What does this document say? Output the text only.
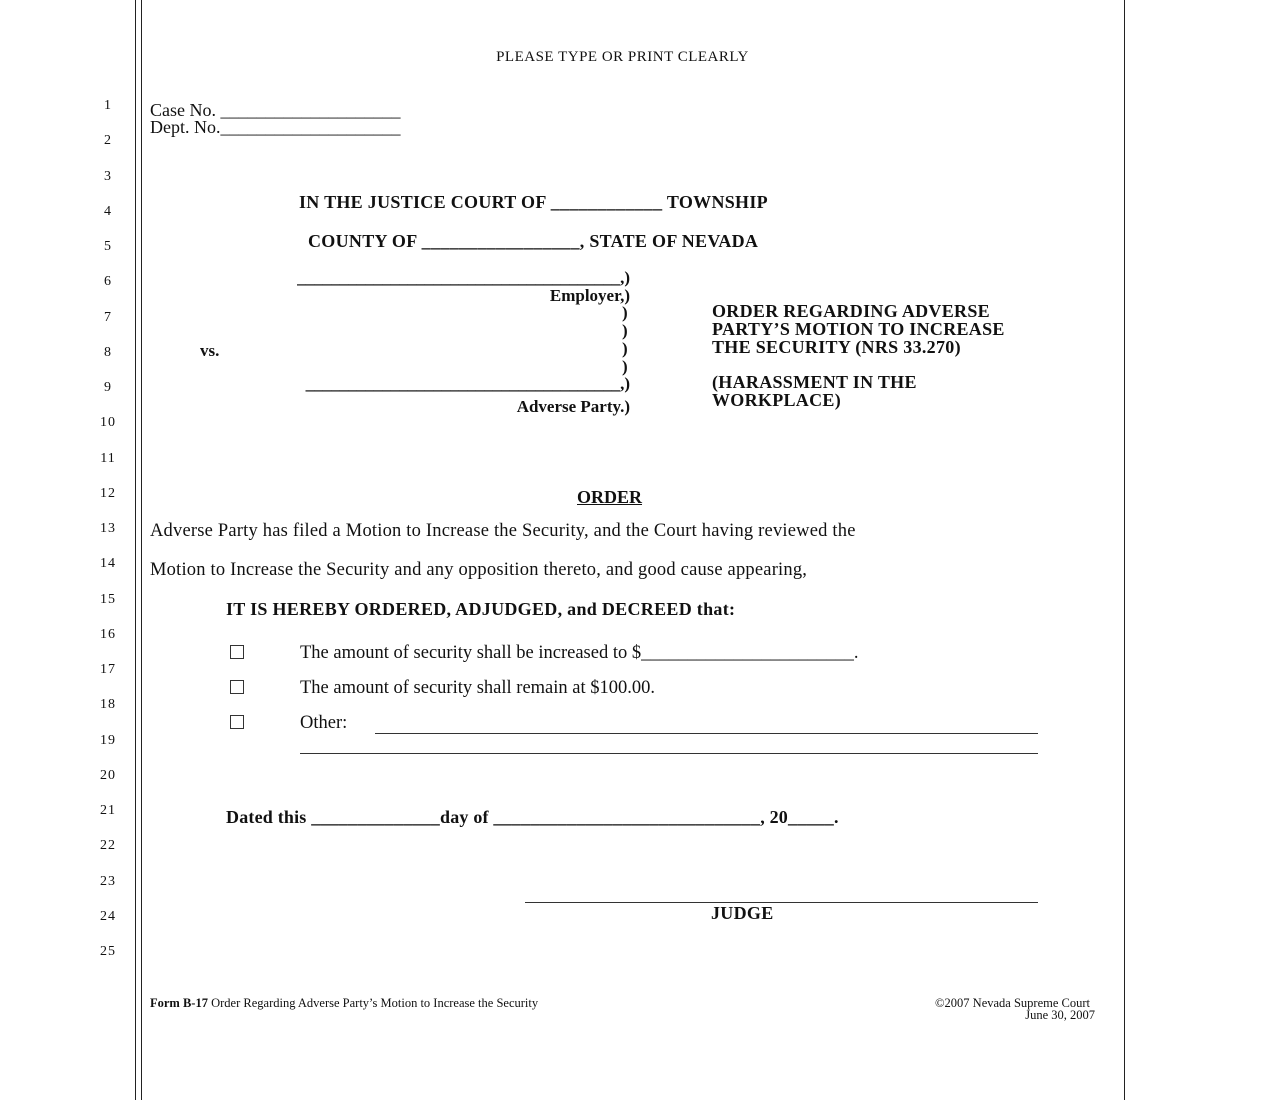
PLEASE TYPE OR PRINT CLEARLY
1
2
3
4
5
6
7
8
9
10
11
12
13
14
15
16
17
18
19
20
21
22
23
24
25
Case No. ____________________
Dept. No.____________________
IN THE JUSTICE COURT OF ____________ TOWNSHIP
COUNTY OF _________________, STATE OF NEVADA
______________________________________,)
Employer,)
)
)
)
)
vs.
_____________________________________,)
Adverse Party.)
ORDER REGARDING ADVERSE
PARTY’S MOTION TO INCREASE
THE SECURITY (NRS 33.270)
(HARASSMENT IN THE
WORKPLACE)
ORDER
Adverse Party has filed a Motion to Increase the Security, and the Court having reviewed the
Motion to Increase the Security and any opposition thereto, and good cause appearing,
IT IS HEREBY ORDERED, ADJUDGED, and DECREED that:
The amount of security shall be increased to $_______________________.
The amount of security shall remain at $100.00.
Other:
Dated this ______________day of _____________________________, 20_____.
JUDGE
Form B-17 Order Regarding Adverse Party’s Motion to Increase the Security	©2007 Nevada Supreme Court
June 30, 2007
